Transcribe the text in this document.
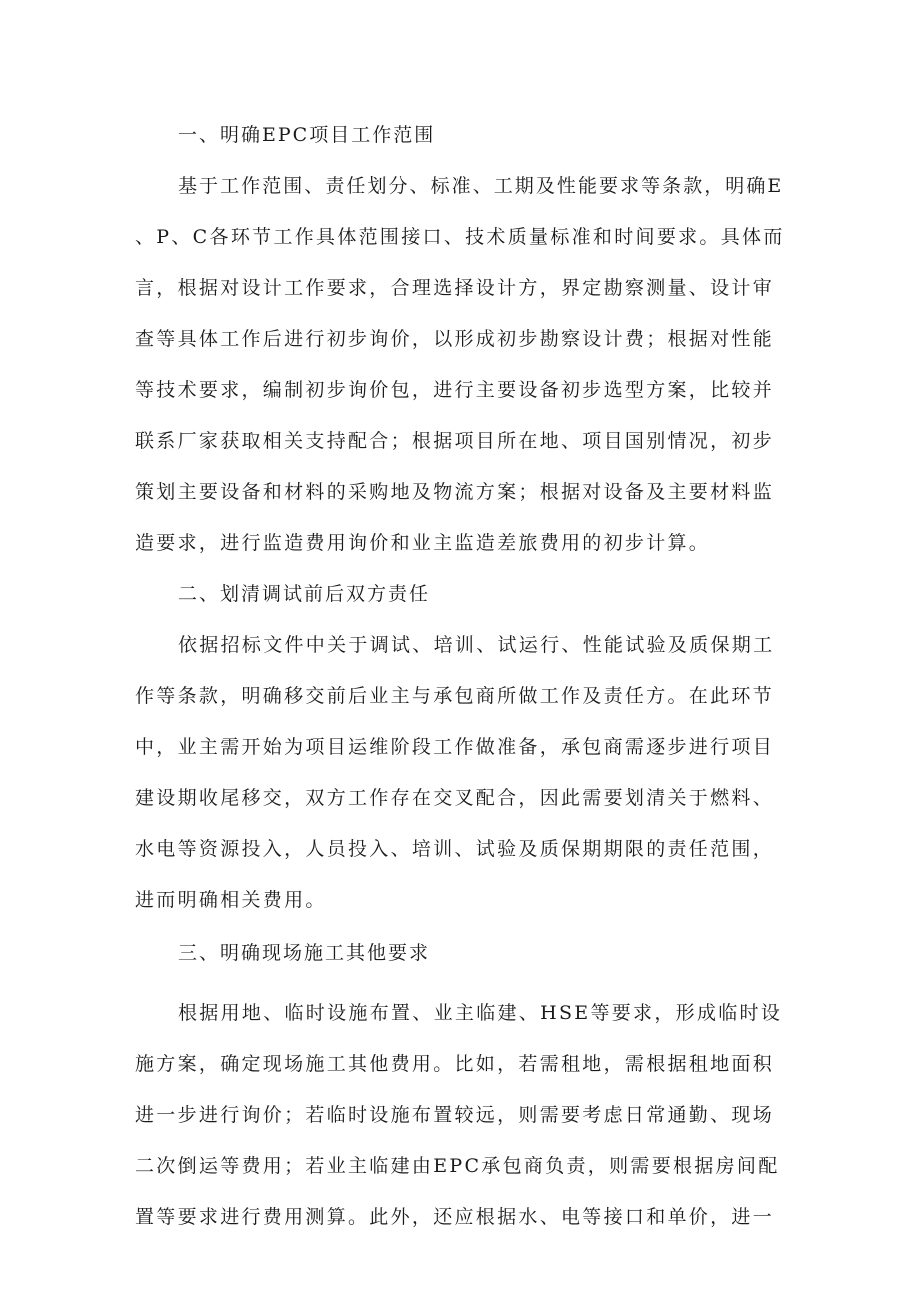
一、明确EPC项目工作范围

基于工作范围、责任划分、标准、工期及性能要求等条款，明确E

、P、C各环节工作具体范围接口、技术质量标准和时间要求。具体而

言，根据对设计工作要求，合理选择设计方，界定勘察测量、设计审

查等具体工作后进行初步询价，以形成初步勘察设计费；根据对性能

等技术要求，编制初步询价包，进行主要设备初步选型方案，比较并

联系厂家获取相关支持配合；根据项目所在地、项目国别情况，初步

策划主要设备和材料的采购地及物流方案；根据对设备及主要材料监

造要求，进行监造费用询价和业主监造差旅费用的初步计算。

二、划清调试前后双方责任

依据招标文件中关于调试、培训、试运行、性能试验及质保期工

作等条款，明确移交前后业主与承包商所做工作及责任方。在此环节

中，业主需开始为项目运维阶段工作做准备，承包商需逐步进行项目

建设期收尾移交，双方工作存在交叉配合，因此需要划清关于燃料、

水电等资源投入，人员投入、培训、试验及质保期期限的责任范围，

进而明确相关费用。

三、明确现场施工其他要求

根据用地、临时设施布置、业主临建、HSE等要求，形成临时设

施方案，确定现场施工其他费用。比如，若需租地，需根据租地面积

进一步进行询价；若临时设施布置较远，则需要考虑日常通勤、现场

二次倒运等费用；若业主临建由EPC承包商负责，则需要根据房间配

置等要求进行费用测算。此外，还应根据水、电等接口和单价，进一
